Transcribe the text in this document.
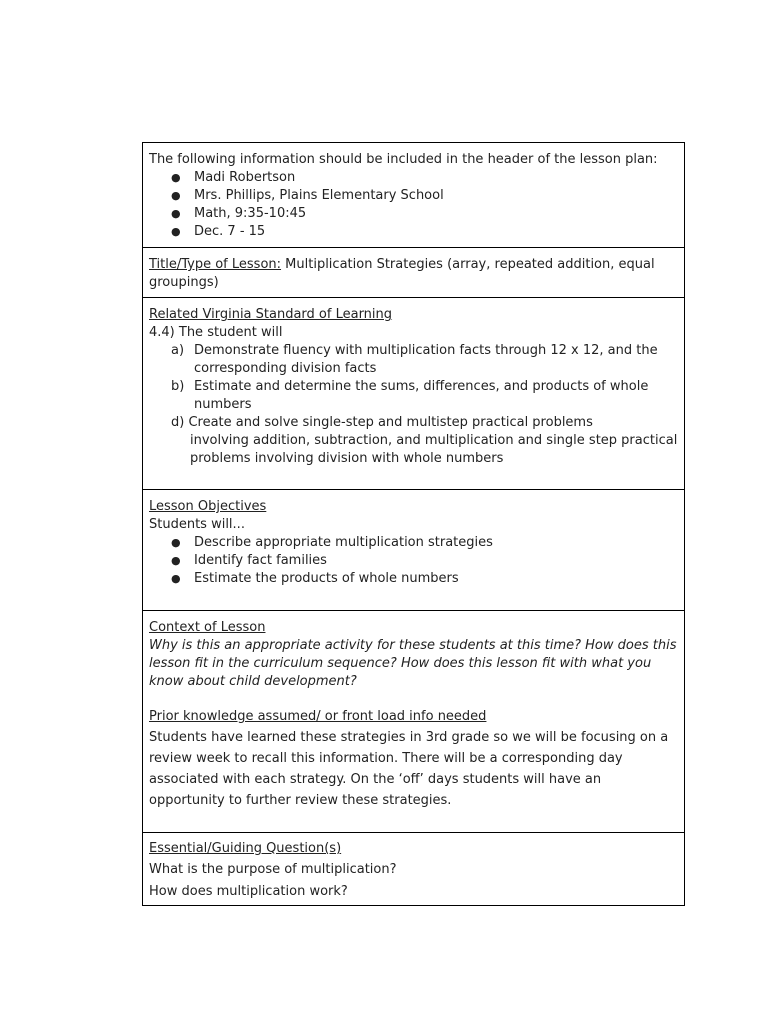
The following information should be included in the header of the lesson plan:

● Madi Robertson
● Mrs. Phillips, Plains Elementary School
● Math, 9:35-10:45
● Dec. 7 - 15

Title/Type of Lesson: Multiplication Strategies (array, repeated addition, equal groupings)

Related Virginia Standard of Learning

4.4) The student will

a) Demonstrate fluency with multiplication facts through 12 x 12, and the corresponding division facts
b) Estimate and determine the sums, differences, and products of whole numbers
d) Create and solve single-step and multistep practical problems
involving addition, subtraction, and multiplication and single step practical problems involving division with whole numbers

Lesson Objectives

Students will...

● Describe appropriate multiplication strategies
● Identify fact families
● Estimate the products of whole numbers

Context of Lesson

Why is this an appropriate activity for these students at this time? How does this lesson fit in the curriculum sequence? How does this lesson fit with what you know about child development?

Prior knowledge assumed/ or front load info needed

Students have learned these strategies in 3rd grade so we will be focusing on a review week to recall this information. There will be a corresponding day associated with each strategy. On the ‘off’ days students will have an opportunity to further review these strategies.

Essential/Guiding Question(s)

What is the purpose of multiplication?

How does multiplication work?
